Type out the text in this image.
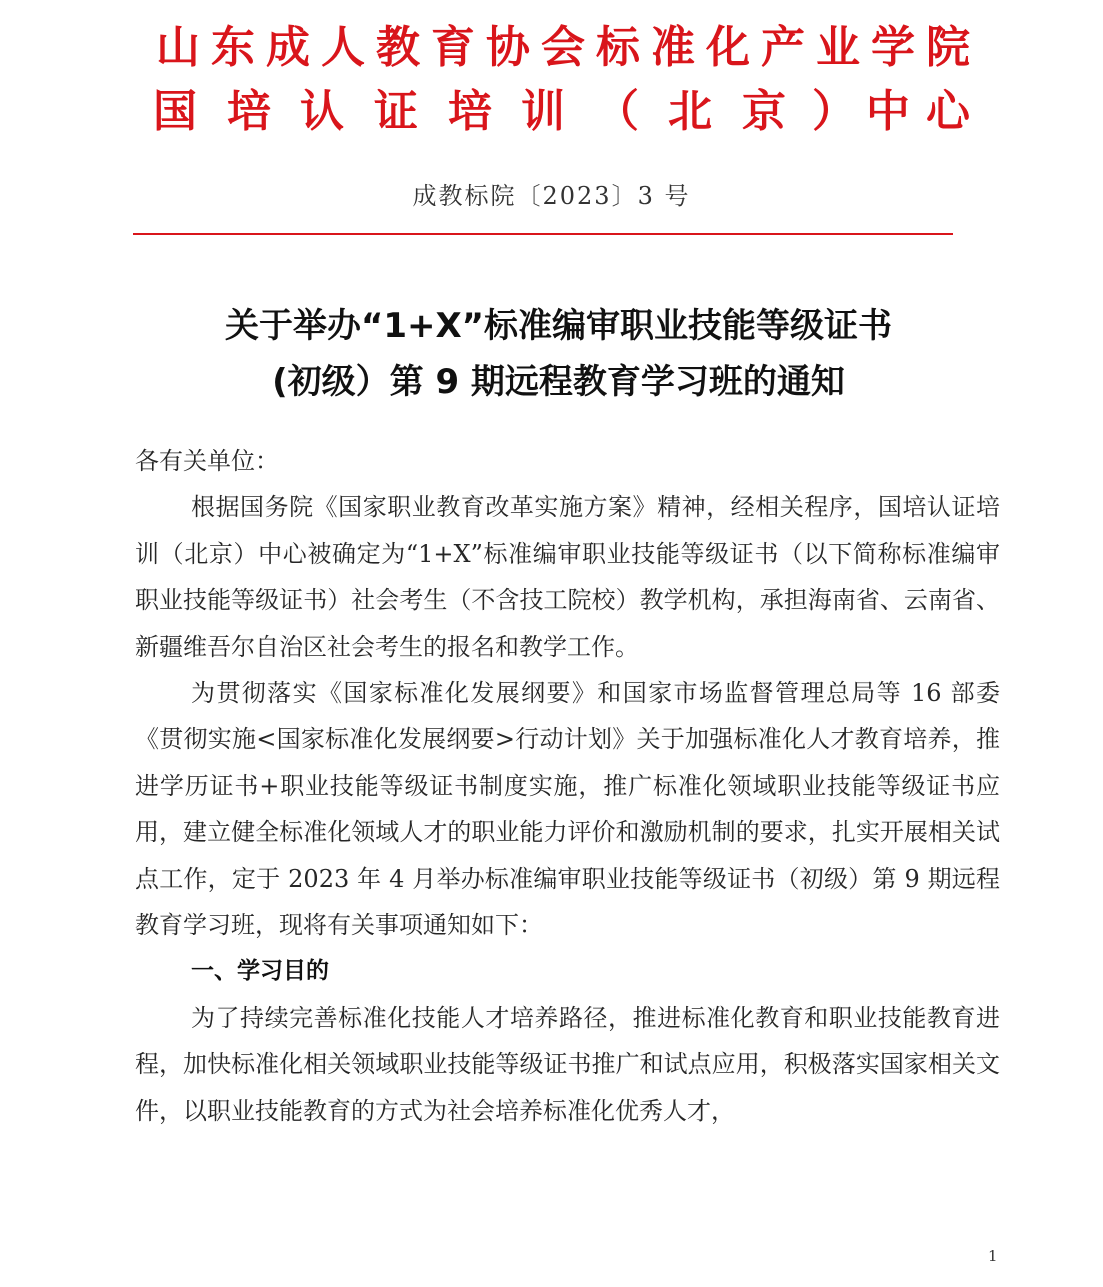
山 东 成 人 教 育 协 会 标 准 化 产 业 学 院
国 培 认 证 培 训 （ 北 京 ） 中 心
成教标院〔2023〕3 号
关于举办“1+X”标准编审职业技能等级证书
(初级）第 9 期远程教育学习班的通知

各有关单位：

根据国务院《国家职业教育改革实施方案》精神，经相关程序，国培认证培训（北京）中心被确定为“1+X”标准编审职业技能等级证书（以下简称标准编审职业技能等级证书）社会考生（不含技工院校）教学机构，承担海南省、云南省、新疆维吾尔自治区社会考生的报名和教学工作。

为贯彻落实《国家标准化发展纲要》和国家市场监督管理总局等 16 部委《贯彻实施<国家标准化发展纲要>行动计划》关于加强标准化人才教育培养，推进学历证书+职业技能等级证书制度实施，推广标准化领域职业技能等级证书应用，建立健全标准化领域人才的职业能力评价和激励机制的要求，扎实开展相关试点工作，定于 2023 年 4 月举办标准编审职业技能等级证书（初级）第 9 期远程教育学习班，现将有关事项通知如下：

一、学习目的

为了持续完善标准化技能人才培养路径，推进标准化教育和职业技能教育进程，加快标准化相关领域职业技能等级证书推广和试点应用，积极落实国家相关文件，以职业技能教育的方式为社会培养标准化优秀人才，

1
